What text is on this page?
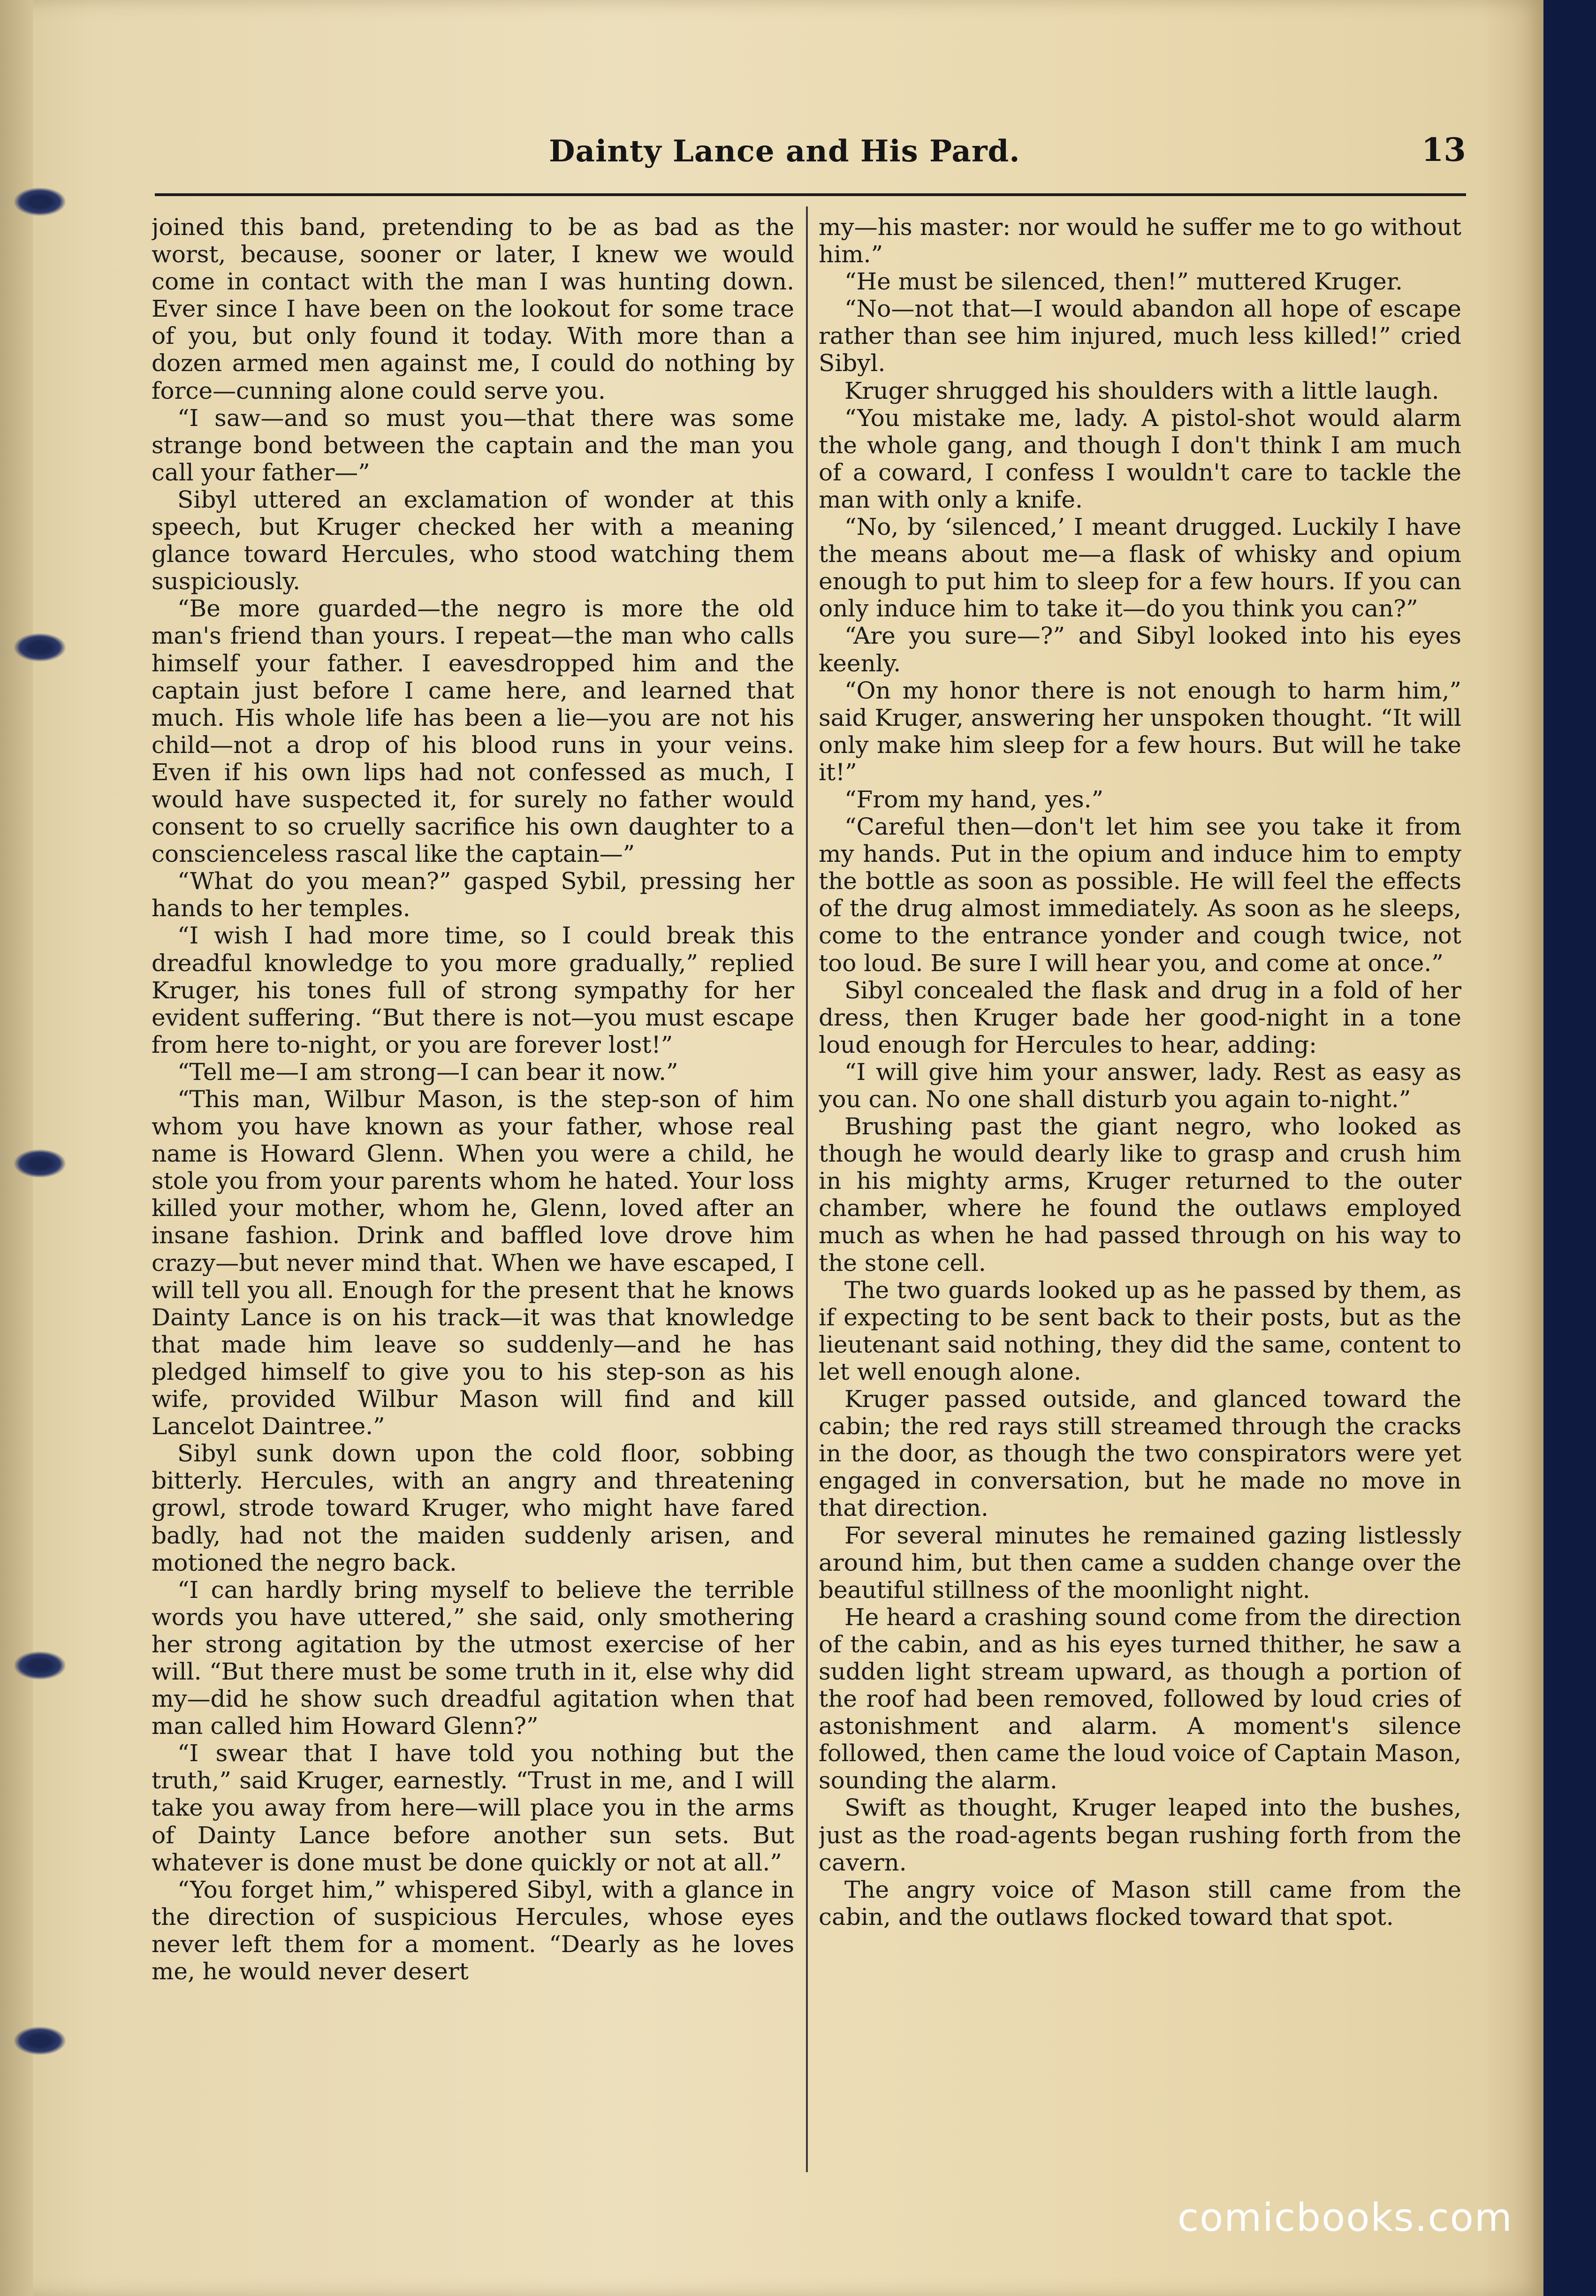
Dainty Lance and His Pard.	13

joined this band, pretending to be as bad as the worst, because, sooner or later, I knew we would come in contact with the man I was hunting down. Ever since I have been on the lookout for some trace of you, but only found it today. With more than a dozen armed men against me, I could do nothing by force—cunning alone could serve you.

“I saw—and so must you—that there was some strange bond between the captain and the man you call your father—”

Sibyl uttered an exclamation of wonder at this speech, but Kruger checked her with a meaning glance toward Hercules, who stood watching them suspiciously.

“Be more guarded—the negro is more the old man's friend than yours. I repeat—the man who calls himself your father. I eavesdropped him and the captain just before I came here, and learned that much. His whole life has been a lie—you are not his child—not a drop of his blood runs in your veins. Even if his own lips had not confessed as much, I would have suspected it, for surely no father would consent to so cruelly sacrifice his own daughter to a conscienceless rascal like the captain—”

“What do you mean?” gasped Sybil, pressing her hands to her temples.

“I wish I had more time, so I could break this dreadful knowledge to you more gradually,” replied Kruger, his tones full of strong sympathy for her evident suffering. “But there is not—you must escape from here to-night, or you are forever lost!”

“Tell me—I am strong—I can bear it now.”

“This man, Wilbur Mason, is the step-son of him whom you have known as your father, whose real name is Howard Glenn. When you were a child, he stole you from your parents whom he hated. Your loss killed your mother, whom he, Glenn, loved after an insane fashion. Drink and baffled love drove him crazy—but never mind that. When we have escaped, I will tell you all. Enough for the present that he knows Dainty Lance is on his track—it was that knowledge that made him leave so suddenly—and he has pledged himself to give you to his step-son as his wife, provided Wilbur Mason will find and kill Lancelot Daintree.”

Sibyl sunk down upon the cold floor, sobbing bitterly. Hercules, with an angry and threatening growl, strode toward Kruger, who might have fared badly, had not the maiden suddenly arisen, and motioned the negro back.

“I can hardly bring myself to believe the terrible words you have uttered,” she said, only smothering her strong agitation by the utmost exercise of her will. “But there must be some truth in it, else why did my—did he show such dreadful agitation when that man called him Howard Glenn?”

“I swear that I have told you nothing but the truth,” said Kruger, earnestly. “Trust in me, and I will take you away from here—will place you in the arms of Dainty Lance before another sun sets. But whatever is done must be done quickly or not at all.”

“You forget him,” whispered Sibyl, with a glance in the direction of suspicious Hercules, whose eyes never left them for a moment. “Dearly as he loves me, he would never desert

my—his master: nor would he suffer me to go without him.”

“He must be silenced, then!” muttered Kruger.

“No—not that—I would abandon all hope of escape rather than see him injured, much less killed!” cried Sibyl.

Kruger shrugged his shoulders with a little laugh.

“You mistake me, lady. A pistol-shot would alarm the whole gang, and though I don't think I am much of a coward, I confess I wouldn't care to tackle the man with only a knife.

“No, by ‘silenced,’ I meant drugged. Luckily I have the means about me—a flask of whisky and opium enough to put him to sleep for a few hours. If you can only induce him to take it—do you think you can?”

“Are you sure—?” and Sibyl looked into his eyes keenly.

“On my honor there is not enough to harm him,” said Kruger, answering her unspoken thought. “It will only make him sleep for a few hours. But will he take it!”

“From my hand, yes.”

“Careful then—don't let him see you take it from my hands. Put in the opium and induce him to empty the bottle as soon as possible. He will feel the effects of the drug almost immediately. As soon as he sleeps, come to the entrance yonder and cough twice, not too loud. Be sure I will hear you, and come at once.”

Sibyl concealed the flask and drug in a fold of her dress, then Kruger bade her good-night in a tone loud enough for Hercules to hear, adding:

“I will give him your answer, lady. Rest as easy as you can. No one shall disturb you again to-night.”

Brushing past the giant negro, who looked as though he would dearly like to grasp and crush him in his mighty arms, Kruger returned to the outer chamber, where he found the outlaws employed much as when he had passed through on his way to the stone cell.

The two guards looked up as he passed by them, as if expecting to be sent back to their posts, but as the lieutenant said nothing, they did the same, content to let well enough alone.

Kruger passed outside, and glanced toward the cabin; the red rays still streamed through the cracks in the door, as though the two conspirators were yet engaged in conversation, but he made no move in that direction.

For several minutes he remained gazing listlessly around him, but then came a sudden change over the beautiful stillness of the moonlight night.

He heard a crashing sound come from the direction of the cabin, and as his eyes turned thither, he saw a sudden light stream upward, as though a portion of the roof had been removed, followed by loud cries of astonishment and alarm. A moment's silence followed, then came the loud voice of Captain Mason, sounding the alarm.

Swift as thought, Kruger leaped into the bushes, just as the road-agents began rushing forth from the cavern.

The angry voice of Mason still came from the cabin, and the outlaws flocked toward that spot.

comicbooks.com
